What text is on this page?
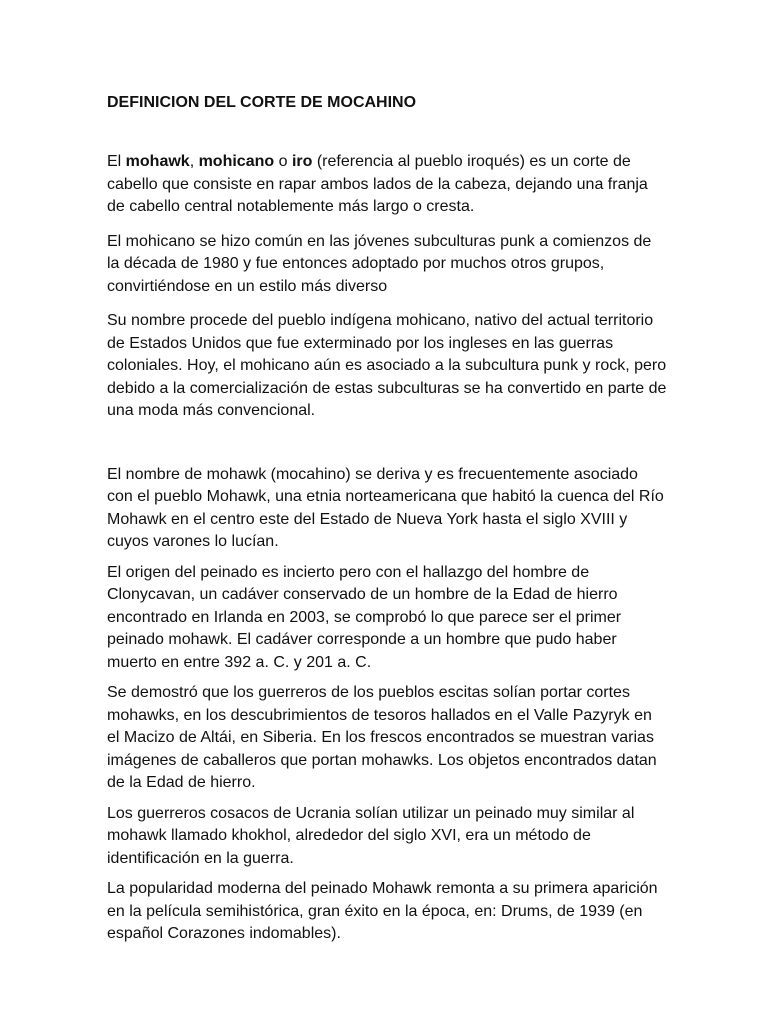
DEFINICION DEL CORTE DE MOCAHINO

El mohawk, mohicano o iro (referencia al pueblo iroqués) es un corte de cabello que consiste en rapar ambos lados de la cabeza, dejando una franja de cabello central notablemente más largo o cresta.

El mohicano se hizo común en las jóvenes subculturas punk a comienzos de la década de 1980 y fue entonces adoptado por muchos otros grupos, convirtiéndose en un estilo más diverso

Su nombre procede del pueblo indígena mohicano, nativo del actual territorio de Estados Unidos que fue exterminado por los ingleses en las guerras coloniales. Hoy, el mohicano aún es asociado a la subcultura punk y rock, pero debido a la comercialización de estas subculturas se ha convertido en parte de una moda más convencional.

El nombre de mohawk (mocahino) se deriva y es frecuentemente asociado con el pueblo Mohawk, una etnia norteamericana que habitó la cuenca del Río Mohawk en el centro este del Estado de Nueva York hasta el siglo XVIII y cuyos varones lo lucían.

El origen del peinado es incierto pero con el hallazgo del hombre de Clonycavan, un cadáver conservado de un hombre de la Edad de hierro encontrado en Irlanda en 2003, se comprobó lo que parece ser el primer peinado mohawk. El cadáver corresponde a un hombre que pudo haber muerto en entre 392 a. C. y 201 a. C.

Se demostró que los guerreros de los pueblos escitas solían portar cortes mohawks, en los descubrimientos de tesoros hallados en el Valle Pazyryk en el Macizo de Altái, en Siberia. En los frescos encontrados se muestran varias imágenes de caballeros que portan mohawks. Los objetos encontrados datan de la Edad de hierro.

Los guerreros cosacos de Ucrania solían utilizar un peinado muy similar al mohawk llamado khokhol, alrededor del siglo XVI, era un método de identificación en la guerra.

La popularidad moderna del peinado Mohawk remonta a su primera aparición en la película semihistórica, gran éxito en la época, en: Drums, de 1939 (en español Corazones indomables).
